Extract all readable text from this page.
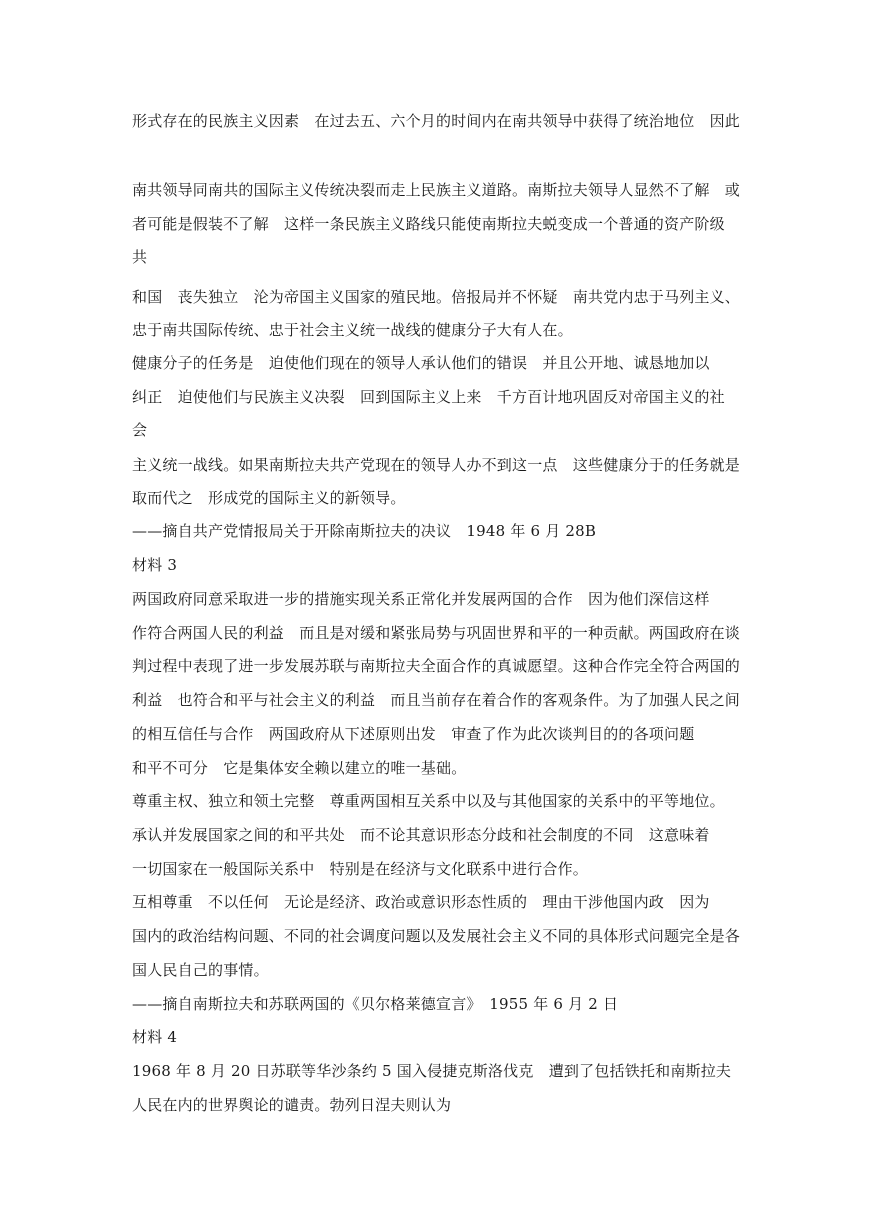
形式存在的民族主义因素　在过去五、六个月的时间内在南共领导中获得了统治地位　因此
南共领导同南共的国际主义传统决裂而走上民族主义道路。南斯拉夫领导人显然不了解　或
者可能是假装不了解　这样一条民族主义路线只能使南斯拉夫蜕变成一个普通的资产阶级
共
和国　丧失独立　沦为帝国主义国家的殖民地。倍报局并不怀疑　南共党内忠于马列主义、
忠于南共国际传统、忠于社会主义统一战线的健康分子大有人在。
健康分子的任务是　迫使他们现在的领导人承认他们的错误　并且公开地、诚恳地加以
纠正　迫使他们与民族主义决裂　回到国际主义上来　千方百计地巩固反对帝国主义的社
会
主义统一战线。如果南斯拉夫共产党现在的领导人办不到这一点　这些健康分于的任务就是
取而代之　形成党的国际主义的新领导。
——摘自共产党情报局关于开除南斯拉夫的决议　1948 年 6 月 28B
材料 3
两国政府同意采取进一步的措施实现关系正常化并发展两国的合作　因为他们深信这样
作符合两国人民的利益　而且是对缓和紧张局势与巩固世界和平的一种贡献。两国政府在谈
判过程中表现了进一步发展苏联与南斯拉夫全面合作的真诚愿望。这种合作完全符合两国的
利益　也符合和平与社会主义的利益　而且当前存在着合作的客观条件。为了加强人民之间
的相互信任与合作　两国政府从下述原则出发　审查了作为此次谈判目的的各项问题
和平不可分　它是集体安全赖以建立的唯一基础。
尊重主权、独立和领土完整　尊重两国相互关系中以及与其他国家的关系中的平等地位。
承认并发展国家之间的和平共处　而不论其意识形态分歧和社会制度的不同　这意味着
一切国家在一般国际关系中　特别是在经济与文化联系中进行合作。
互相尊重　不以任何　无论是经济、政治或意识形态性质的　理由干涉他国内政　因为
国内的政治结构问题、不同的社会调度问题以及发展社会主义不同的具体形式问题完全是各
国人民自己的事情。
——摘自南斯拉夫和苏联两国的《贝尔格莱德宣言》　1955 年 6 月 2 日
材料 4
1968 年 8 月 20 日苏联等华沙条约 5 国入侵捷克斯洛伐克　遭到了包括铁托和南斯拉夫
人民在内的世界舆论的谴责。勃列日涅夫则认为
